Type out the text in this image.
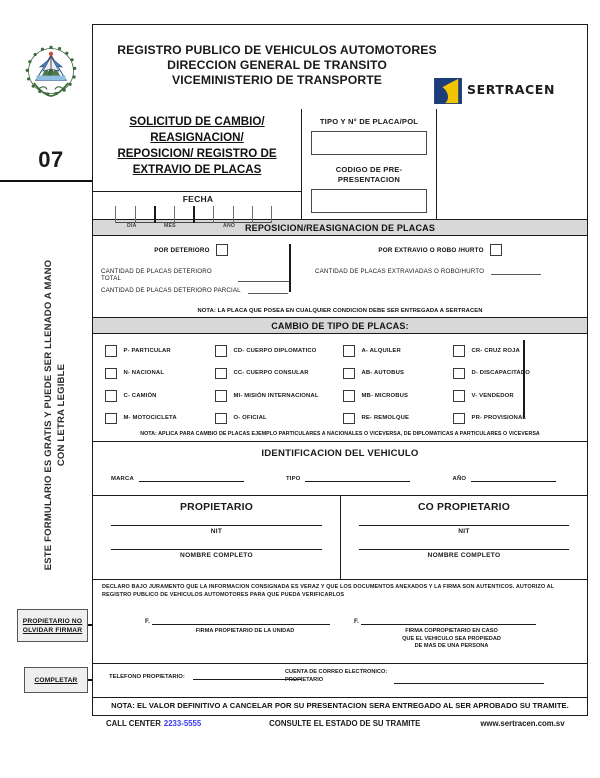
ESTE FORMULARIO ES GRATIS Y PUEDE SER LLENADO A MANO CON LETRA LEGIBLE
07
PROPIETARIO NO OLVIDAR FIRMAR
COMPLETAR
REGISTRO PUBLICO DE VEHICULOS AUTOMOTORES
DIRECCION GENERAL DE TRANSITO
VICEMINISTERIO DE TRANSPORTE
SERTRACEN
SOLICITUD DE CAMBIO/
REASIGNACION/
REPOSICION/ REGISTRO DE
EXTRAVIO DE PLACAS
FECHA
DIA	MES	AÑO
TIPO Y N° DE PLACA/POL
CODIGO DE PRE-
PRESENTACION
REPOSICION/REASIGNACION DE PLACAS
POR DETERIORO
CANTIDAD DE PLACAS DETERIORO TOTAL
CANTIDAD DE PLACAS DETERIORO PARCIAL
POR EXTRAVIO O ROBO /HURTO
CANTIDAD DE PLACAS EXTRAVIADAS O ROBO/HURTO
NOTA: LA PLACA QUE POSEA EN CUALQUIER CONDICION DEBE SER ENTREGADA A SERTRACEN
CAMBIO DE TIPO DE PLACAS:
P- PARTICULAR	CD- CUERPO DIPLOMATICO	A- ALQUILER	CR- CRUZ ROJA
N- NACIONAL	CC- CUERPO CONSULAR	AB- AUTOBUS	D- DISCAPACITADO
C- CAMIÓN	MI- MISIÓN INTERNACIONAL	MB- MICROBUS	V- VENDEDOR
M- MOTOCICLETA	O- OFICIAL	RE- REMOLQUE	PR- PROVISIONAL
NOTA: APLICA PARA CAMBIO DE PLACAS EJEMPLO PARTICULARES A NACIONALES O VICEVERSA, DE DIPLOMATICAS A PARTICULARES O VICEVERSA
IDENTIFICACION DEL VEHICULO
MARCA	TIPO	AÑO
PROPIETARIO
NIT
NOMBRE COMPLETO
CO PROPIETARIO
NIT
NOMBRE COMPLETO
DECLARO BAJO JURAMENTO QUE LA INFORMACION CONSIGNADA ES VERAZ Y QUE LOS DOCUMENTOS ANEXADOS Y LA FIRMA SON AUTENTICOS. AUTORIZO AL REGISTRO PUBLICO DE VEHICULOS AUTOMOTORES PARA QUE PUEDA VERIFICARLOS
F.
FIRMA PROPIETARIO DE LA UNIDAD
F.
FIRMA COPROPIETARIO EN CASO
QUE EL VEHICULO SEA PROPIEDAD
DE MAS DE UNA PERSONA
TELEFONO PROPIETARIO:
CUENTA DE CORREO ELECTRONICO:
PROPIETARIO
NOTA: EL VALOR DEFINITIVO A CANCELAR POR SU PRESENTACION SERA ENTREGADO AL SER APROBADO SU TRAMITE.
CALL CENTER 2233-5555	CONSULTE EL ESTADO DE SU TRAMITE	www.sertracen.com.sv
